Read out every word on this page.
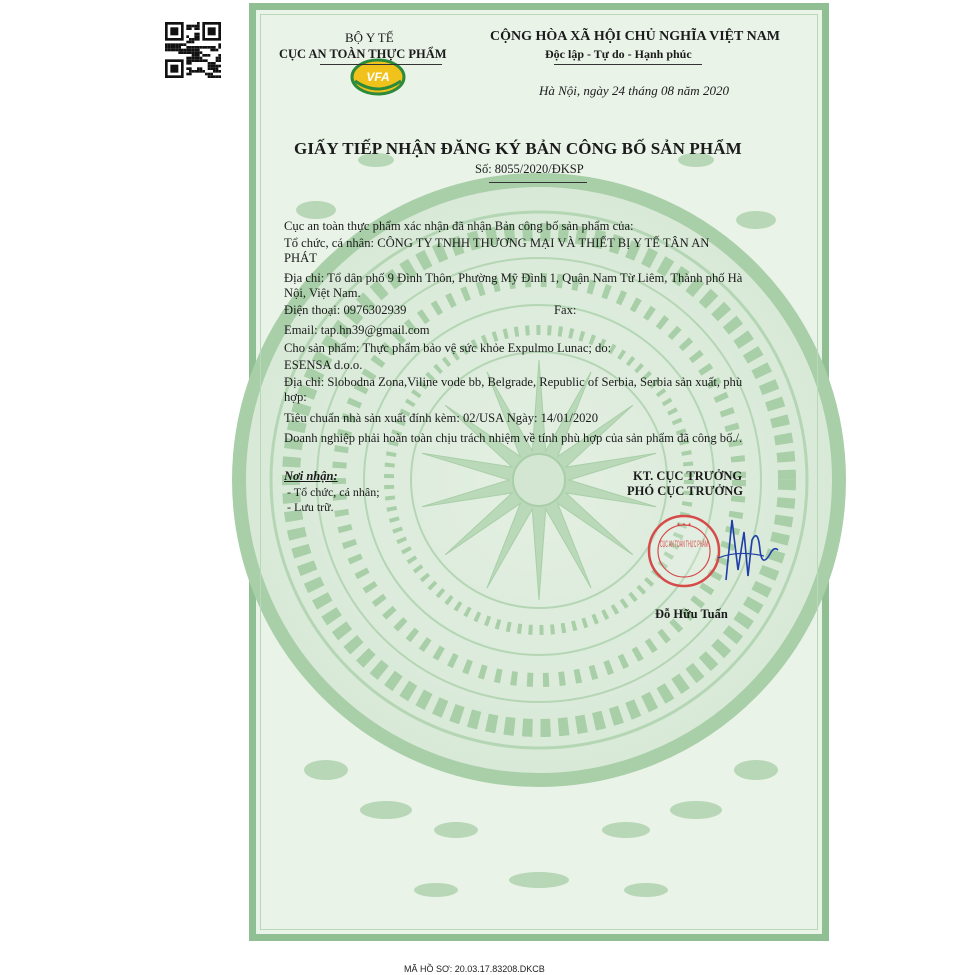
VFA
BỘ Y TẾ
CỤC AN TOÀN THỰC PHẨM
CỘNG HÒA XÃ HỘI CHỦ NGHĨA VIỆT NAM
Độc lập - Tự do - Hạnh phúc
Hà Nội, ngày 24 tháng 08 năm 2020
GIẤY TIẾP NHẬN ĐĂNG KÝ BẢN CÔNG BỐ SẢN PHẨM
Số: 8055/2020/ĐKSP
Cục an toàn thực phẩm xác nhận đã nhận Bản công bố sản phẩm của:
Tổ chức, cá nhân: CÔNG TY TNHH THƯƠNG MẠI VÀ THIẾT BỊ Y TẾ TÂN AN
PHÁT
Địa chỉ: Tổ dân phố 9 Đình Thôn, Phường Mỹ Đình 1, Quận Nam Từ Liêm, Thành phố Hà
Nội, Việt Nam.
Điện thoại: 0976302939	Fax:
Email: tap.hn39@gmail.com
Cho sản phẩm: Thực phẩm bảo vệ sức khỏe Expulmo Lunac; do:
ESENSA d.o.o.
Địa chỉ: Slobodna Zona,Viline vode bb, Belgrade, Republic of Serbia, Serbia sản xuất, phù
hợp:
Tiêu chuẩn nhà sản xuất đính kèm: 02/USA Ngày: 14/01/2020
Doanh nghiệp phải hoàn toàn chịu trách nhiệm về tính phù hợp của sản phẩm đã công bố./.
Nơi nhận:
- Tổ chức, cá nhân;
- Lưu trữ.
KT. CỤC TRƯỞNG
PHÓ CỤC TRƯỞNG
✦ ✦ ✦
Đỗ Hữu Tuấn
MÃ HỒ SƠ: 20.03.17.83208.DKCB
